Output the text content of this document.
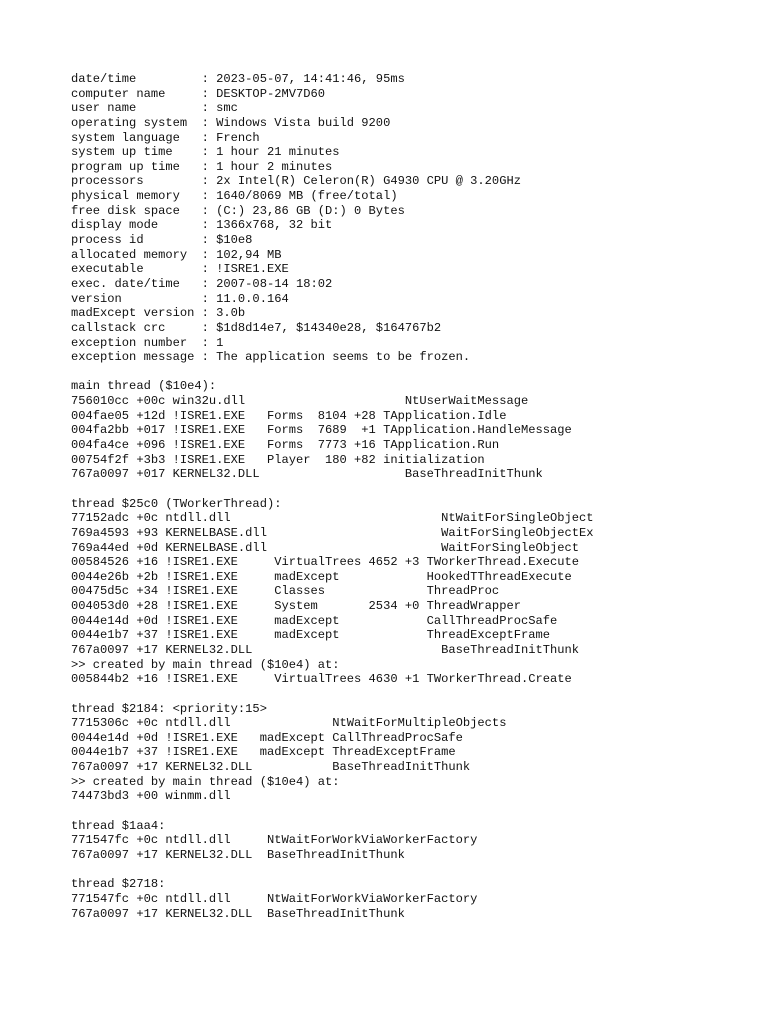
date/time         : 2023-05-07, 14:41:46, 95ms
computer name     : DESKTOP-2MV7D60
user name         : smc
operating system  : Windows Vista build 9200
system language   : French
system up time    : 1 hour 21 minutes
program up time   : 1 hour 2 minutes
processors        : 2x Intel(R) Celeron(R) G4930 CPU @ 3.20GHz
physical memory   : 1640/8069 MB (free/total)
free disk space   : (C:) 23,86 GB (D:) 0 Bytes
display mode      : 1366x768, 32 bit
process id        : $10e8
allocated memory  : 102,94 MB
executable        : !ISRE1.EXE
exec. date/time   : 2007-08-14 18:02
version           : 11.0.0.164
madExcept version : 3.0b
callstack crc     : $1d8d14e7, $14340e28, $164767b2
exception number  : 1
exception message : The application seems to be frozen.
main thread ($10e4):
756010cc +00c win32u.dll                      NtUserWaitMessage
004fae05 +12d !ISRE1.EXE   Forms  8104 +28 TApplication.Idle
004fa2bb +017 !ISRE1.EXE   Forms  7689  +1 TApplication.HandleMessage
004fa4ce +096 !ISRE1.EXE   Forms  7773 +16 TApplication.Run
00754f2f +3b3 !ISRE1.EXE   Player  180 +82 initialization
767a0097 +017 KERNEL32.DLL                    BaseThreadInitThunk
thread $25c0 (TWorkerThread):
77152adc +0c ntdll.dll                             NtWaitForSingleObject
769a4593 +93 KERNELBASE.dll                        WaitForSingleObjectEx
769a44ed +0d KERNELBASE.dll                        WaitForSingleObject
00584526 +16 !ISRE1.EXE     VirtualTrees 4652 +3 TWorkerThread.Execute
0044e26b +2b !ISRE1.EXE     madExcept            HookedTThreadExecute
00475d5c +34 !ISRE1.EXE     Classes              ThreadProc
004053d0 +28 !ISRE1.EXE     System       2534 +0 ThreadWrapper
0044e14d +0d !ISRE1.EXE     madExcept            CallThreadProcSafe
0044e1b7 +37 !ISRE1.EXE     madExcept            ThreadExceptFrame
767a0097 +17 KERNEL32.DLL                          BaseThreadInitThunk
>> created by main thread ($10e4) at:
005844b2 +16 !ISRE1.EXE     VirtualTrees 4630 +1 TWorkerThread.Create
thread $2184: <priority:15>
7715306c +0c ntdll.dll              NtWaitForMultipleObjects
0044e14d +0d !ISRE1.EXE   madExcept CallThreadProcSafe
0044e1b7 +37 !ISRE1.EXE   madExcept ThreadExceptFrame
767a0097 +17 KERNEL32.DLL           BaseThreadInitThunk
>> created by main thread ($10e4) at:
74473bd3 +00 winmm.dll
thread $1aa4:
771547fc +0c ntdll.dll     NtWaitForWorkViaWorkerFactory
767a0097 +17 KERNEL32.DLL  BaseThreadInitThunk
thread $2718:
771547fc +0c ntdll.dll     NtWaitForWorkViaWorkerFactory
767a0097 +17 KERNEL32.DLL  BaseThreadInitThunk
